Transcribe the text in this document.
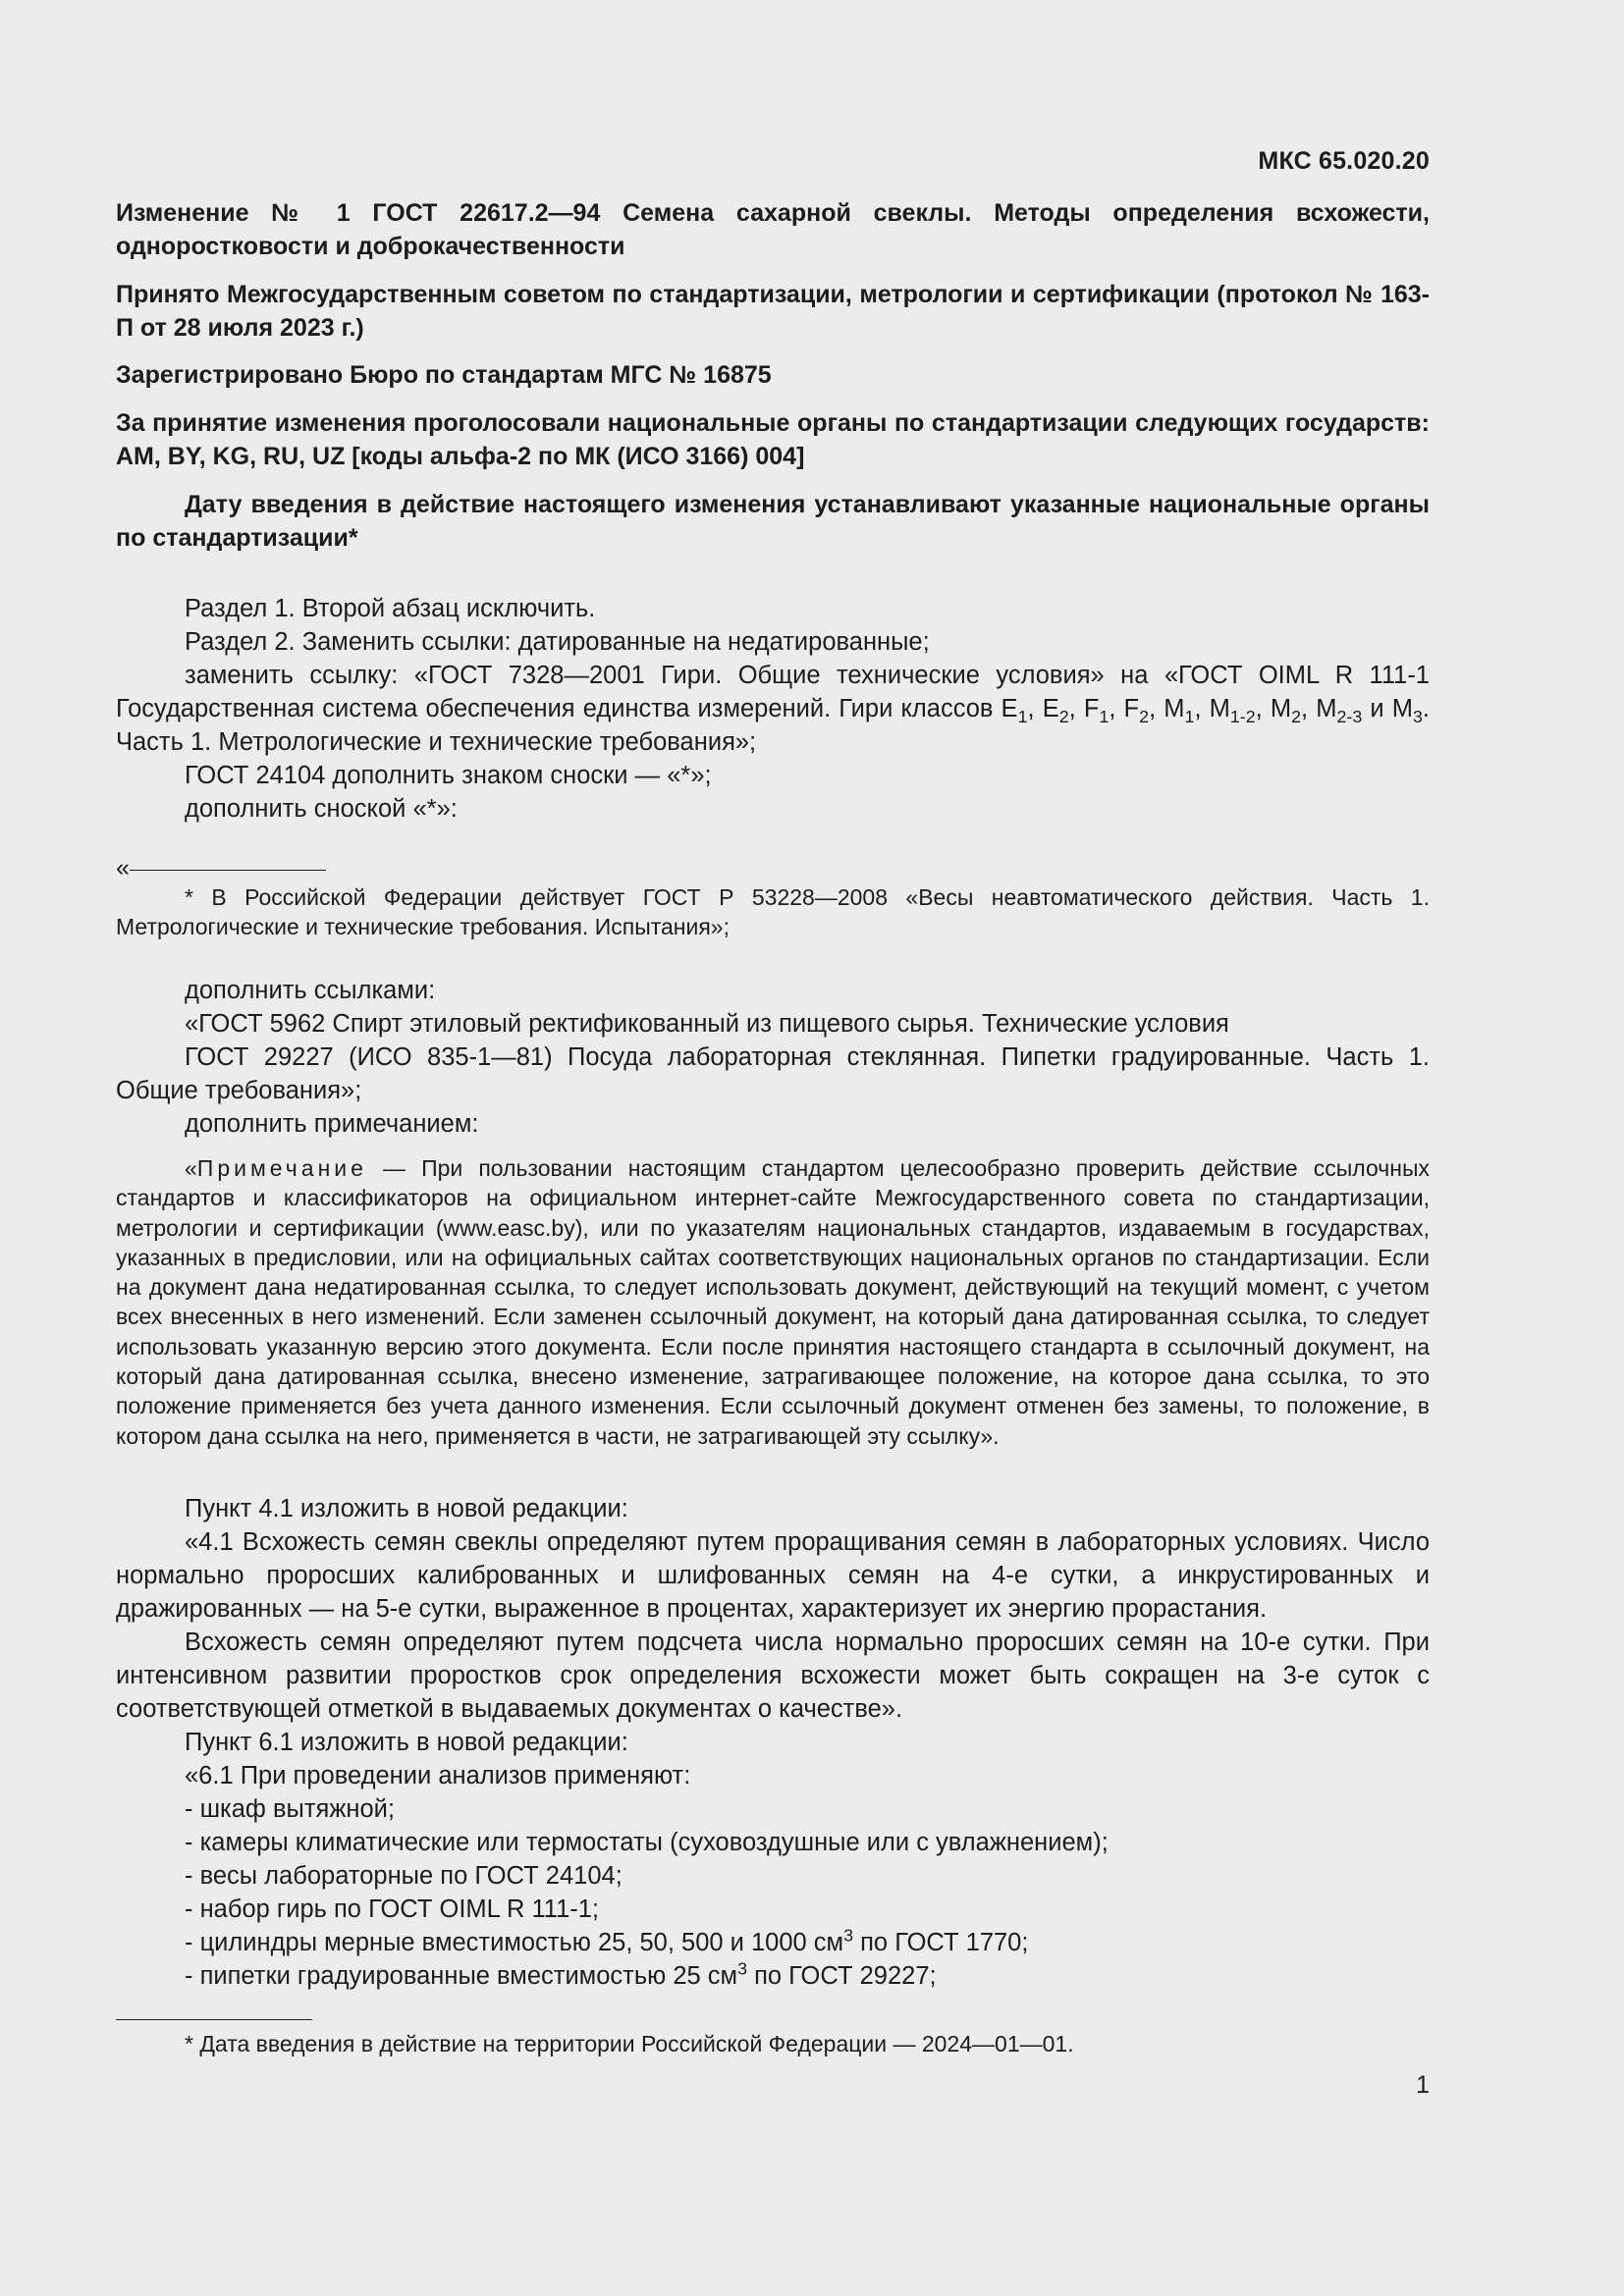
МКС 65.020.20
Изменение № 1 ГОСТ 22617.2—94 Семена сахарной свеклы. Методы определения всхожести, одноростковости и доброкачественности
Принято Межгосударственным советом по стандартизации, метрологии и сертификации (протокол № 163-П от 28 июля 2023 г.)
Зарегистрировано Бюро по стандартам МГС № 16875
За принятие изменения проголосовали национальные органы по стандартизации следующих государств: AM, BY, KG, RU, UZ [коды альфа-2 по МК (ИСО 3166) 004]
Дату введения в действие настоящего изменения устанавливают указанные национальные органы по стандартизации*

Раздел 1. Второй абзац исключить.

Раздел 2. Заменить ссылки: датированные на недатированные;

заменить ссылку: «ГОСТ 7328—2001 Гири. Общие технические условия» на «ГОСТ OIML R 111-1 Государственная система обеспечения единства измерений. Гири классов $E_1$, $E_2$, $F_1$, $F_2$, $M_1$, $M_{1-2}$, $M_2$, $M_{2-3}$ и $M_3$. Часть 1. Метрологические и технические требования»;

ГОСТ 24104 дополнить знаком сноски — «*»;

дополнить сноской «*»:

«

* В Российской Федерации действует ГОСТ Р 53228—2008 «Весы неавтоматического действия. Часть 1. Метрологические и технические требования. Испытания»;

дополнить ссылками:

«ГОСТ 5962 Спирт этиловый ректификованный из пищевого сырья. Технические условия

ГОСТ 29227 (ИСО 835-1—81) Посуда лабораторная стеклянная. Пипетки градуированные. Часть 1. Общие требования»;

дополнить примечанием:

«Примечание — При пользовании настоящим стандартом целесообразно проверить действие ссылочных стандартов и классификаторов на официальном интернет-сайте Межгосударственного совета по стандартизации, метрологии и сертификации (www.easc.by), или по указателям национальных стандартов, издаваемым в государствах, указанных в предисловии, или на официальных сайтах соответствующих национальных органов по стандартизации. Если на документ дана недатированная ссылка, то следует использовать документ, действующий на текущий момент, с учетом всех внесенных в него изменений. Если заменен ссылочный документ, на который дана датированная ссылка, то следует использовать указанную версию этого документа. Если после принятия настоящего стандарта в ссылочный документ, на который дана датированная ссылка, внесено изменение, затрагивающее положение, на которое дана ссылка, то это положение применяется без учета данного изменения. Если ссылочный документ отменен без замены, то положение, в котором дана ссылка на него, применяется в части, не затрагивающей эту ссылку».

Пункт 4.1 изложить в новой редакции:

«4.1 Всхожесть семян свеклы определяют путем проращивания семян в лабораторных условиях. Число нормально проросших калиброванных и шлифованных семян на 4-е сутки, а инкрустированных и дражированных — на 5-е сутки, выраженное в процентах, характеризует их энергию прорастания.

Всхожесть семян определяют путем подсчета числа нормально проросших семян на 10-е сутки. При интенсивном развитии проростков срок определения всхожести может быть сокращен на 3-е суток с соответствующей отметкой в выдаваемых документах о качестве».

Пункт 6.1 изложить в новой редакции:

«6.1 При проведении анализов применяют:

- шкаф вытяжной;

- камеры климатические или термостаты (суховоздушные или с увлажнением);

- весы лабораторные по ГОСТ 24104;

- набор гирь по ГОСТ OIML R 111-1;

- цилиндры мерные вместимостью 25, 50, 500 и 1000 $см^3$ по ГОСТ 1770;

- пипетки градуированные вместимостью 25 $см^3$ по ГОСТ 29227;

* Дата введения в действие на территории Российской Федерации — 2024—01—01.

1
